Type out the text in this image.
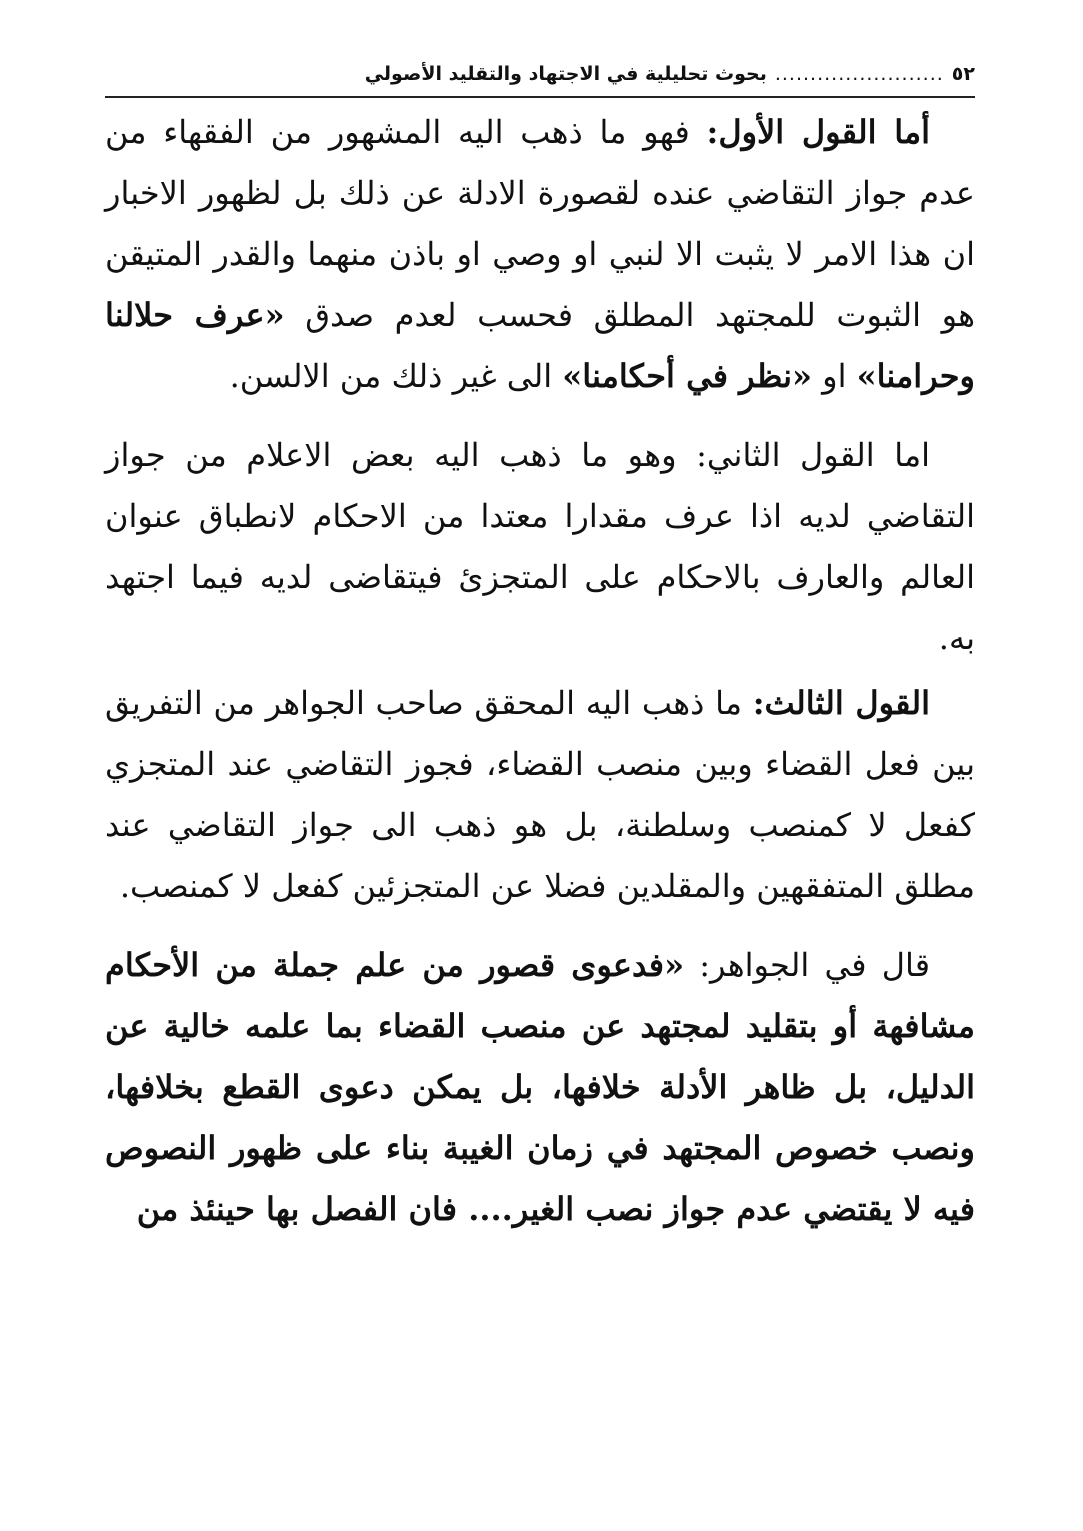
٥٢
........................
بحوث تحليلية في الاجتهاد والتقليد الأصولي

أما القول الأول: فهو ما ذهب اليه المشهور من الفقهاء من عدم جواز التقاضي عنده لقصورة الادلة عن ذلك بل لظهور الاخبار ان هذا الامر لا يثبت الا لنبي او وصي او باذن منهما والقدر المتيقن هو الثبوت للمجتهد المطلق فحسب لعدم صدق «عرف حلالنا وحرامنا» او «نظر في أحكامنا» الى غير ذلك من الالسن.

اما القول الثاني: وهو ما ذهب اليه بعض الاعلام من جواز التقاضي لديه اذا عرف مقدارا معتدا من الاحكام لانطباق عنوان العالم والعارف بالاحكام على المتجزئ فيتقاضى لديه فيما اجتهد به.

القول الثالث: ما ذهب اليه المحقق صاحب الجواهر من التفريق بين فعل القضاء وبين منصب القضاء، فجوز التقاضي عند المتجزي كفعل لا كمنصب وسلطنة، بل هو ذهب الى جواز التقاضي عند مطلق المتفقهين والمقلدين فضلا عن المتجزئين كفعل لا كمنصب.

قال في الجواهر: «فدعوى قصور من علم جملة من الأحكام مشافهة أو بتقليد لمجتهد عن منصب القضاء بما علمه خالية عن الدليل، بل ظاهر الأدلة خلافها، بل يمكن دعوى القطع بخلافها، ونصب خصوص المجتهد في زمان الغيبة بناء على ظهور النصوص فيه لا يقتضي عدم جواز نصب الغير.... فان الفصل بها حينئذ من
